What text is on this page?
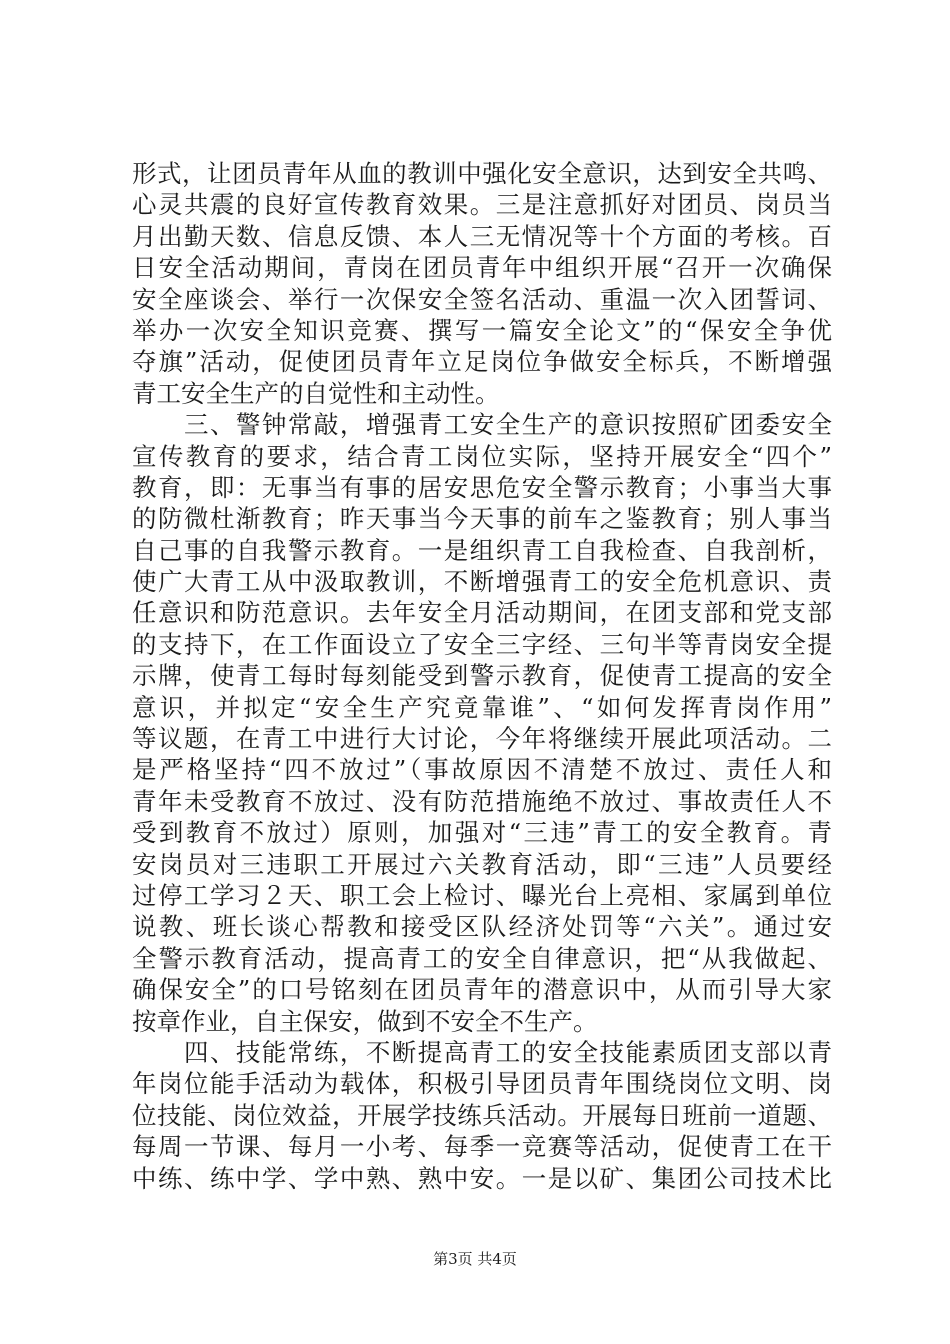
形式，让团员青年从血的教训中强化安全意识，达到安全共鸣、
心灵共震的良好宣传教育效果。三是注意抓好对团员、岗员当
月出勤天数、信息反馈、本人三无情况等十个方面的考核。百
日安全活动期间，青岗在团员青年中组织开展“召开一次确保
安全座谈会、举行一次保安全签名活动、重温一次入团誓词、
举办一次安全知识竞赛、撰写一篇安全论文”的“保安全争优
夺旗”活动，促使团员青年立足岗位争做安全标兵，不断增强
青工安全生产的自觉性和主动性。
　　三、警钟常敲，增强青工安全生产的意识按照矿团委安全
宣传教育的要求，结合青工岗位实际，坚持开展安全“四个”
教育，即：无事当有事的居安思危安全警示教育；小事当大事
的防微杜渐教育；昨天事当今天事的前车之鉴教育；别人事当
自己事的自我警示教育。一是组织青工自我检查、自我剖析，
使广大青工从中汲取教训，不断增强青工的安全危机意识、责
任意识和防范意识。去年安全月活动期间，在团支部和党支部
的支持下，在工作面设立了安全三字经、三句半等青岗安全提
示牌，使青工每时每刻能受到警示教育，促使青工提高的安全
意识，并拟定“安全生产究竟靠谁”、“如何发挥青岗作用”
等议题，在青工中进行大讨论，今年将继续开展此项活动。二
是严格坚持“四不放过”（事故原因不清楚不放过、责任人和
青年未受教育不放过、没有防范措施绝不放过、事故责任人不
受到教育不放过）原则，加强对“三违”青工的安全教育。青
安岗员对三违职工开展过六关教育活动，即“三违”人员要经
过停工学习２天、职工会上检讨、曝光台上亮相、家属到单位
说教、班长谈心帮教和接受区队经济处罚等“六关”。通过安
全警示教育活动，提高青工的安全自律意识，把“从我做起、
确保安全”的口号铭刻在团员青年的潜意识中，从而引导大家
按章作业，自主保安，做到不安全不生产。
　　四、技能常练，不断提高青工的安全技能素质团支部以青
年岗位能手活动为载体，积极引导团员青年围绕岗位文明、岗
位技能、岗位效益，开展学技练兵活动。开展每日班前一道题、
每周一节课、每月一小考、每季一竞赛等活动，促使青工在干
中练、练中学、学中熟、熟中安。一是以矿、集团公司技术比
第3页 共4页
